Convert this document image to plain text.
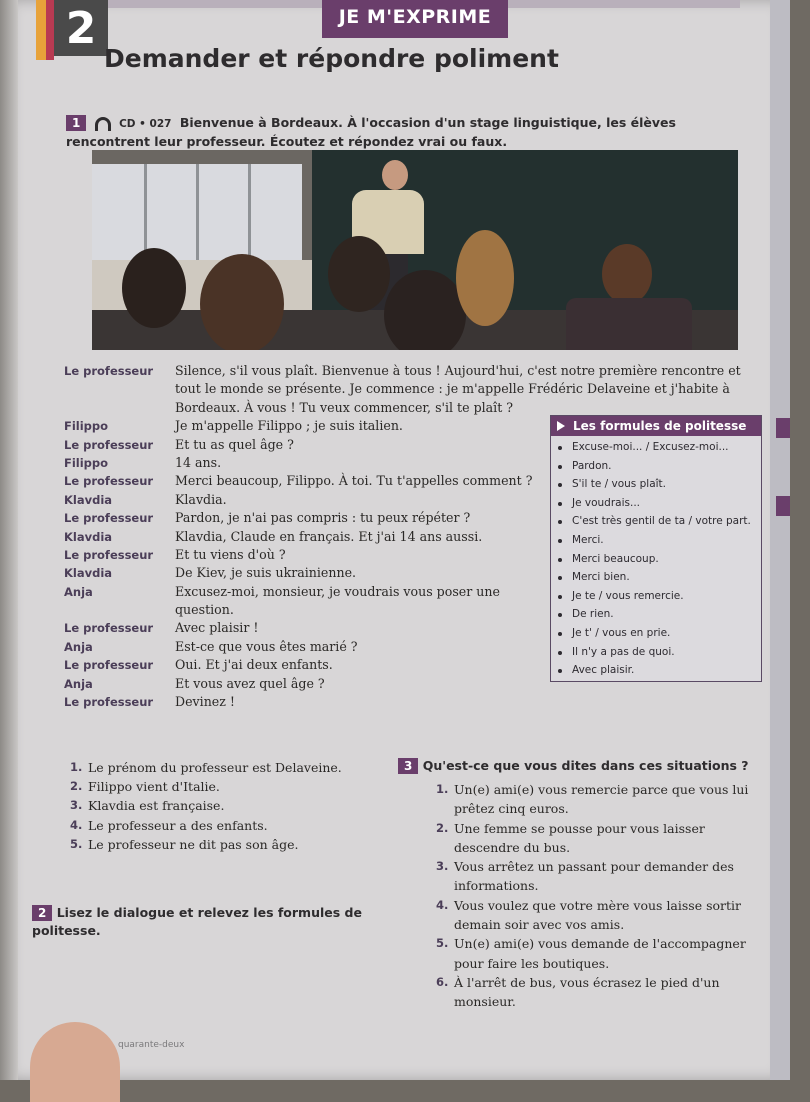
2	JE M'EXPRIME
Demander et répondre poliment
1	CD • 027 Bienvenue à Bordeaux. À l'occasion d'un stage linguistique, les élèves rencontrent leur professeur. Écoutez et répondez vrai ou faux.
Le professeur	Silence, s'il vous plaît. Bienvenue à tous ! Aujourd'hui, c'est notre première rencontre et
tout le monde se présente. Je commence : je m'appelle Frédéric Delaveine et j'habite à
Bordeaux. À vous ! Tu veux commencer, s'il te plaît ?
Filippo	Je m'appelle Filippo ; je suis italien.
Le professeur	Et tu as quel âge ?
Filippo	14 ans.
Le professeur	Merci beaucoup, Filippo. À toi. Tu t'appelles comment ?
Klavdia	Klavdia.
Le professeur	Pardon, je n'ai pas compris : tu peux répéter ?
Klavdia	Klavdia, Claude en français. Et j'ai 14 ans aussi.
Le professeur	Et tu viens d'où ?
Klavdia	De Kiev, je suis ukrainienne.
Anja	Excusez-moi, monsieur, je voudrais vous poser une
question.
Le professeur	Avec plaisir !
Anja	Est-ce que vous êtes marié ?
Le professeur	Oui. Et j'ai deux enfants.
Anja	Et vous avez quel âge ?
Le professeur	Devinez !
Les formules de politesse
Excuse-moi... / Excusez-moi...
Pardon.
S'il te / vous plaît.
Je voudrais...
C'est très gentil de ta / votre part.
Merci.
Merci beaucoup.
Merci bien.
Je te / vous remercie.
De rien.
Je t' / vous en prie.
Il n'y a pas de quoi.
Avec plaisir.
1. Le prénom du professeur est Delaveine.
2. Filippo vient d'Italie.
3. Klavdia est française.
4. Le professeur a des enfants.
5. Le professeur ne dit pas son âge.
2 Lisez le dialogue et relevez les formules de politesse.
3 Qu'est-ce que vous dites dans ces situations ?
1. Un(e) ami(e) vous remercie parce que vous lui prêtez cinq euros.
2. Une femme se pousse pour vous laisser descendre du bus.
3. Vous arrêtez un passant pour demander des informations.
4. Vous voulez que votre mère vous laisse sortir demain soir avec vos amis.
5. Un(e) ami(e) vous demande de l'accompagner pour faire les boutiques.
6. À l'arrêt de bus, vous écrasez le pied d'un monsieur.
quarante-deux
